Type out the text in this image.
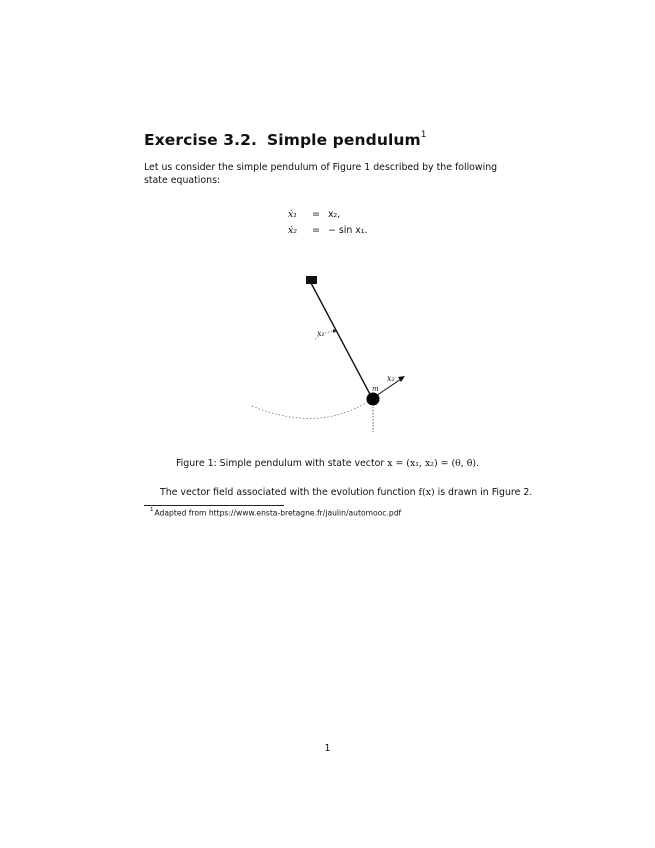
Exercise 3.2. Simple pendulum$^1$
Let us consider the simple pendulum of Figure 1 described by the following state equations:
ẋ₁	= x₂,
ẋ₂	= − sin x₁.
x₁
x₂
m
Figure 1: Simple pendulum with state vector x = (x₁, x₂) = (θ, θ̇).
The vector field associated with the evolution function f(x) is drawn in Figure 2.
$^1$Adapted from https://www.ensta-bretagne.fr/jaulin/automooc.pdf
1
